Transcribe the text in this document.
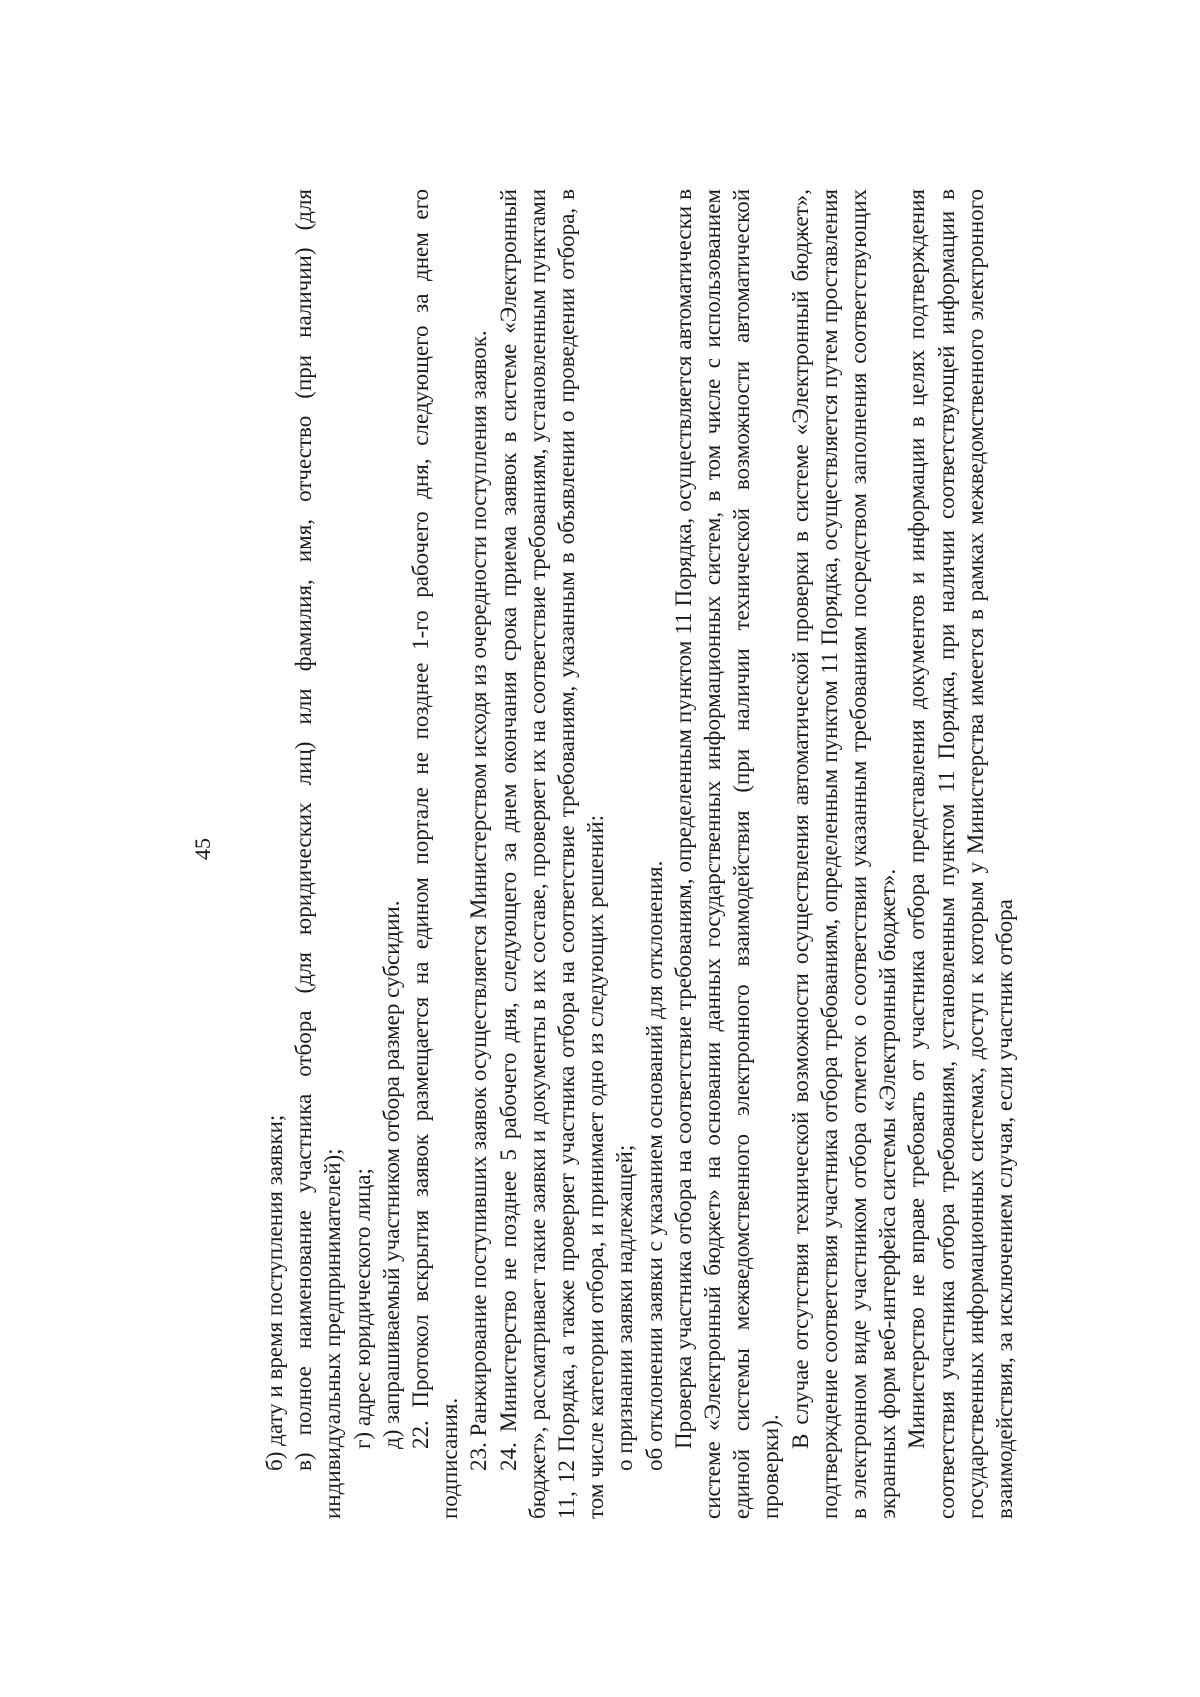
45

б) дату и время поступления заявки; в) полное наименование участника отбора (для юридических лиц) или фамилия, имя, отчество (при наличии) (для индивидуальных предпринимателей); г) адрес юридического лица; д) запрашиваемый участником отбора размер субсидии. 22. Протокол вскрытия заявок размещается на едином портале не позднее 1-го рабочего дня, следующего за днем его подписания. 23. Ранжирование поступивших заявок осуществляется Министерством исходя из очередности поступления заявок. 24. Министерство не позднее 5 рабочего дня, следующего за днем окончания срока приема заявок в системе «Электронный бюджет», рассматривает такие заявки и документы в их составе, проверяет их на соответствие требованиям, установленным пунктами 11, 12 Порядка, а также проверяет участника отбора на соответствие требованиям, указанным в объявлении о проведении отбора, в том числе категории отбора, и принимает одно из следующих решений: о признании заявки надлежащей; об отклонении заявки с указанием оснований для отклонения. Проверка участника отбора на соответствие требованиям, определенным пунктом 11 Порядка, осуществляется автоматически в системе «Электронный бюджет» на основании данных государственных информационных систем, в том числе с использованием единой системы межведомственного электронного взаимодействия (при наличии технической возможности автоматической проверки).

В случае отсутствия технической возможности осуществления автоматической проверки в системе «Электронный бюджет», подтверждение соответствия участника отбора требованиям, определенным пунктом 11 Порядка, осуществляется путем проставления в электронном виде участником отбора отметок о соответствии указанным требованиям посредством заполнения соответствующих экранных форм веб-интерфейса системы «Электронный бюджет». Министерство не вправе требовать от участника отбора представления документов и информации в целях подтверждения соответствия участника отбора требованиям, установленным пунктом 11 Порядка, при наличии соответствующей информации в государственных информационных системах, доступ к которым у Министерства имеется в рамках межведомственного электронного взаимодействия, за исключением случая, если участник отбора
